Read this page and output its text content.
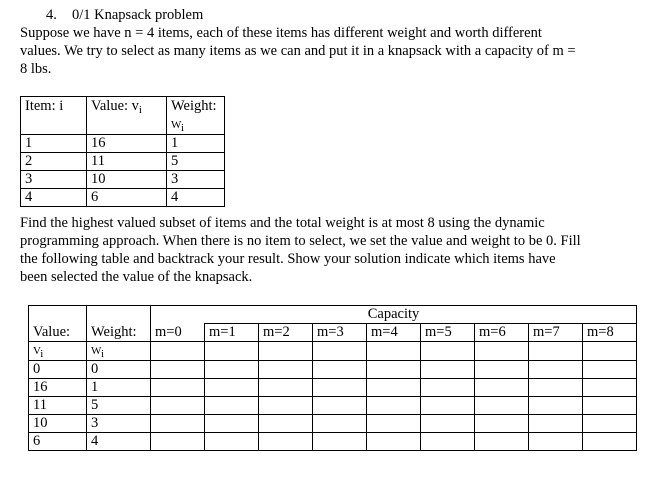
4. 0/1 Knapsack problem
Suppose we have n = 4 items, each of these items has different weight and worth different
values. We try to select as many items as we can and put it in a knapsack with a capacity of m =
8 lbs.
Item: i	Value: $v_i$	Weight:
Wi
1	16	1
2	11	5
3	10	3
4	6	4
Find the highest valued subset of items and the total weight is at most 8 using the dynamic
programming approach. When there is no item to select, we set the value and weight to be 0. Fill
the following table and backtrack your result. Show your solution indicate which items have
been selected the value of the knapsack.
		Capacity								
Value:	Weight:	m=0	m=1	m=2	m=3	m=4	m=5	m=6	m=7	m=8
Vi	Wi									
0	0									
16	1									
11	5									
10	3									
6	4									
